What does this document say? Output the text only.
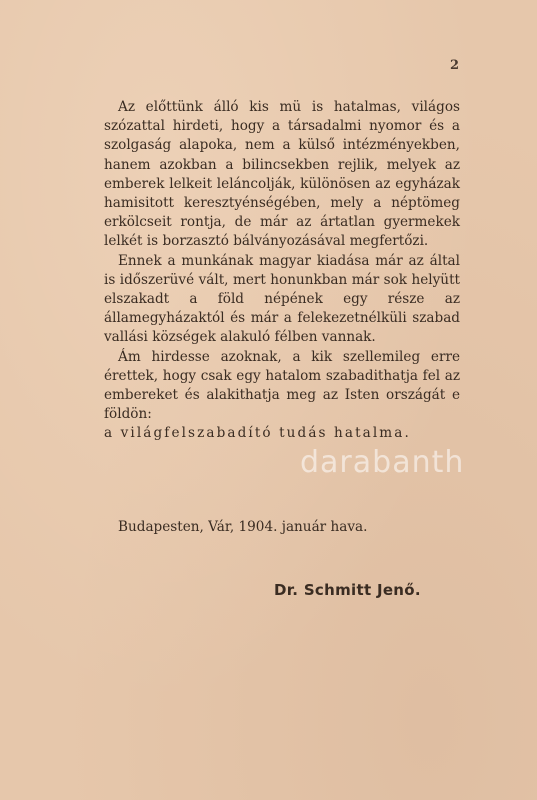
2

Az előttünk álló kis mü is hatalmas, világos szózattal hirdeti, hogy a társadalmi nyomor és a szolgaság alapoka, nem a külső intézményekben, hanem azokban a bilincsekben rejlik, melyek az emberek lelkeit leláncolják, különösen az egyházak hamisitott keresztyénségében, mely a néptömeg erkölcseit rontja, de már az ártatlan gyermekek lelkét is borzasztó bálványozásával megfertőzi.

Ennek a munkának magyar kiadása már az által is időszerüvé vált, mert honunkban már sok helyütt elszakadt a föld népének egy része az államegyházaktól és már a felekezetnélküli szabad vallási községek alakuló félben vannak.

Ám hirdesse azoknak, a kik szellemileg erre érettek, hogy csak egy hatalom szabadithatja fel az embereket és alakithatja meg az Isten országát e földön:

a világfelszabadító tudás hatalma.

Budapesten, Vár, 1904. január hava.
Dr. Schmitt Jenő.
darabanth
